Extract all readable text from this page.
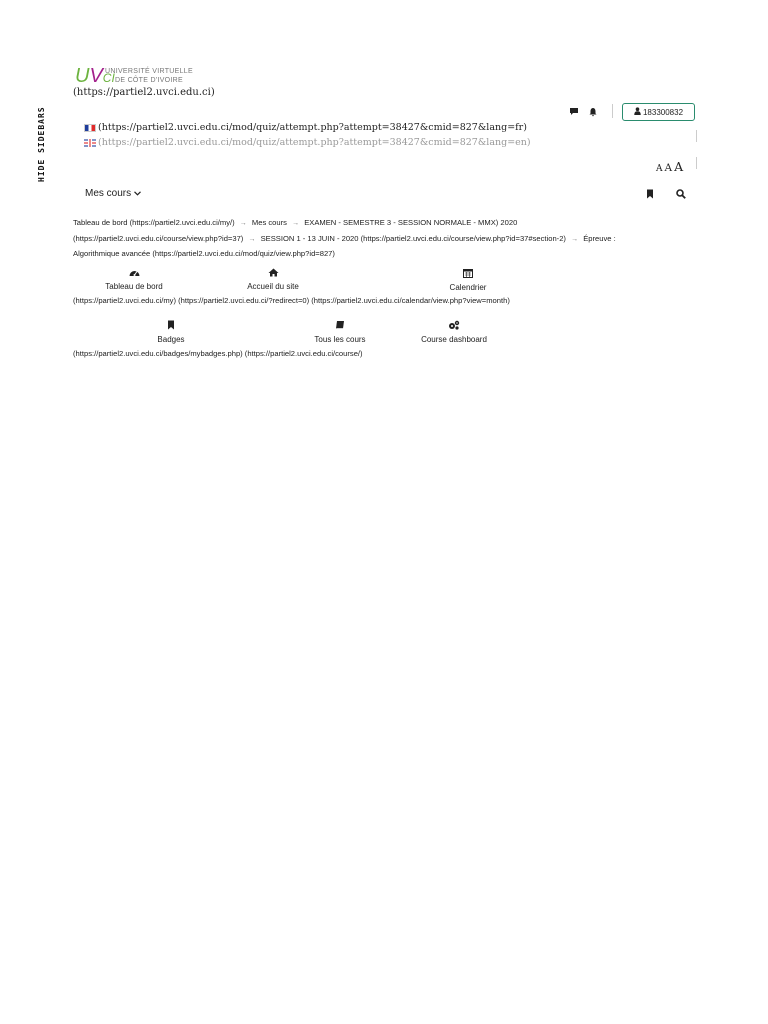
HIDE SIDEBARS
UVCI
UNIVERSITÉ VIRTUELLE
DE CÔTE D'IVOIRE
(https://partiel2.uvci.edu.ci)
183300832
(https://partiel2.uvci.edu.ci/mod/quiz/attempt.php?attempt=38427&cmid=827&lang=fr)
(https://partiel2.uvci.edu.ci/mod/quiz/attempt.php?attempt=38427&cmid=827&lang=en)
A A A
Mes cours
Tableau de bord (https://partiel2.uvci.edu.ci/my/) → Mes cours → EXAMEN - SEMESTRE 3 - SESSION NORMALE - MMX) 2020
(https://partiel2.uvci.edu.ci/course/view.php?id=37) → SESSION 1 - 13 JUIN - 2020 (https://partiel2.uvci.edu.ci/course/view.php?id=37#section-2) → Épreuve :
Algorithmique avancée (https://partiel2.uvci.edu.ci/mod/quiz/view.php?id=827)
Tableau de bord	Accueil du site	Calendrier
(https://partiel2.uvci.edu.ci/my) (https://partiel2.uvci.edu.ci/?redirect=0) (https://partiel2.uvci.edu.ci/calendar/view.php?view=month)
Badges	Tous les cours	Course dashboard
(https://partiel2.uvci.edu.ci/badges/mybadges.php) (https://partiel2.uvci.edu.ci/course/)
